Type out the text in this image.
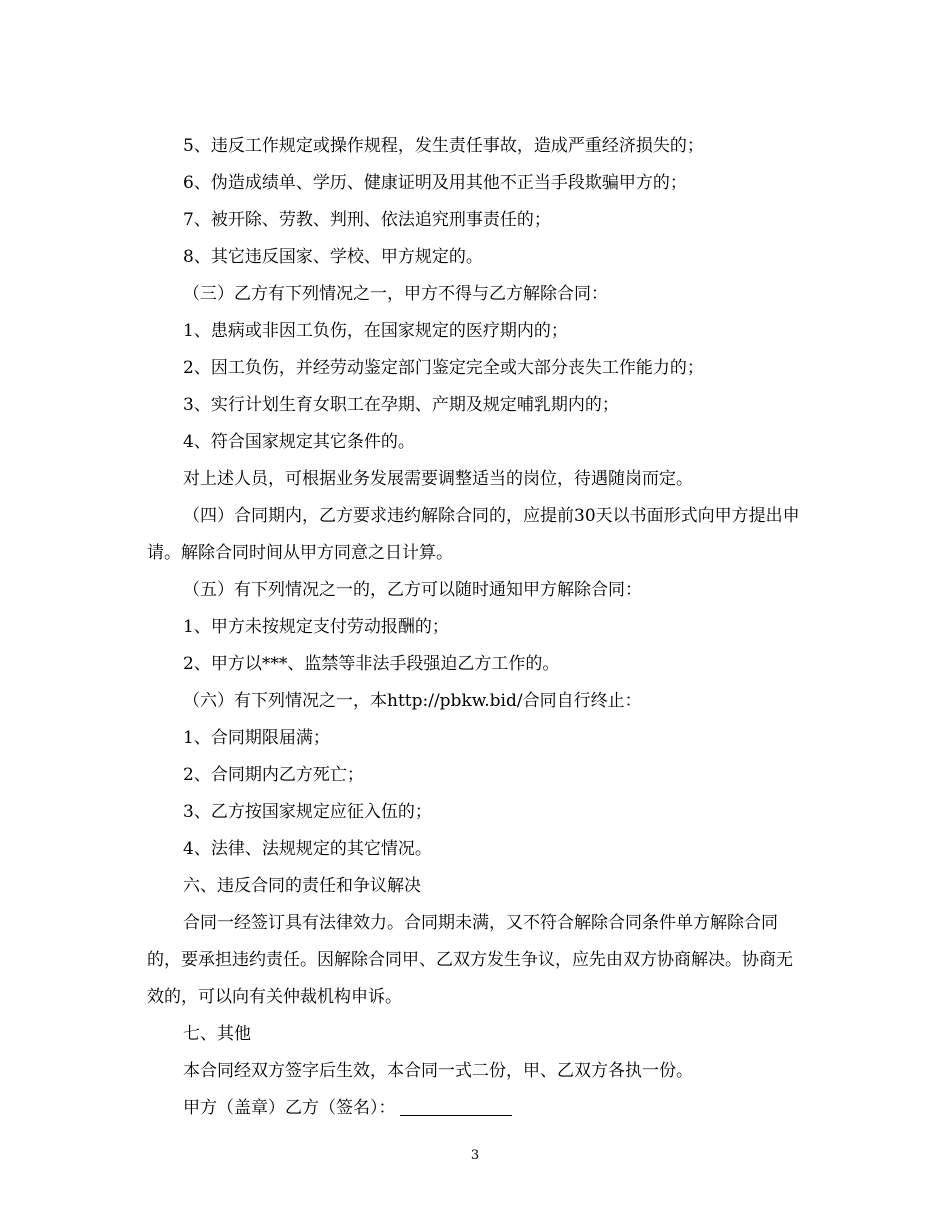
5、违反工作规定或操作规程，发生责任事故，造成严重经济损失的；

6、伪造成绩单、学历、健康证明及用其他不正当手段欺骗甲方的；

7、被开除、劳教、判刑、依法追究刑事责任的；

8、其它违反国家、学校、甲方规定的。

（三）乙方有下列情况之一，甲方不得与乙方解除合同：

1、患病或非因工负伤，在国家规定的医疗期内的；

2、因工负伤，并经劳动鉴定部门鉴定完全或大部分丧失工作能力的；

3、实行计划生育女职工在孕期、产期及规定哺乳期内的；

4、符合国家规定其它条件的。

对上述人员，可根据业务发展需要调整适当的岗位，待遇随岗而定。

（四）合同期内，乙方要求违约解除合同的，应提前30天以书面形式向甲方提出申请。解除合同时间从甲方同意之日计算。

（五）有下列情况之一的，乙方可以随时通知甲方解除合同：

1、甲方未按规定支付劳动报酬的；

2、甲方以***、监禁等非法手段强迫乙方工作的。

（六）有下列情况之一，本http://pbkw.bid/合同自行终止：

1、合同期限届满；

2、合同期内乙方死亡；

3、乙方按国家规定应征入伍的；

4、法律、法规规定的其它情况。

六、违反合同的责任和争议解决

合同一经签订具有法律效力。合同期未满，又不符合解除合同条件单方解除合同的，要承担违约责任。因解除合同甲、乙双方发生争议，应先由双方协商解决。协商无效的，可以向有关仲裁机构申诉。

七、其他

本合同经双方签字后生效，本合同一式二份，甲、乙双方各执一份。

甲方（盖章）乙方（签名）：

3
